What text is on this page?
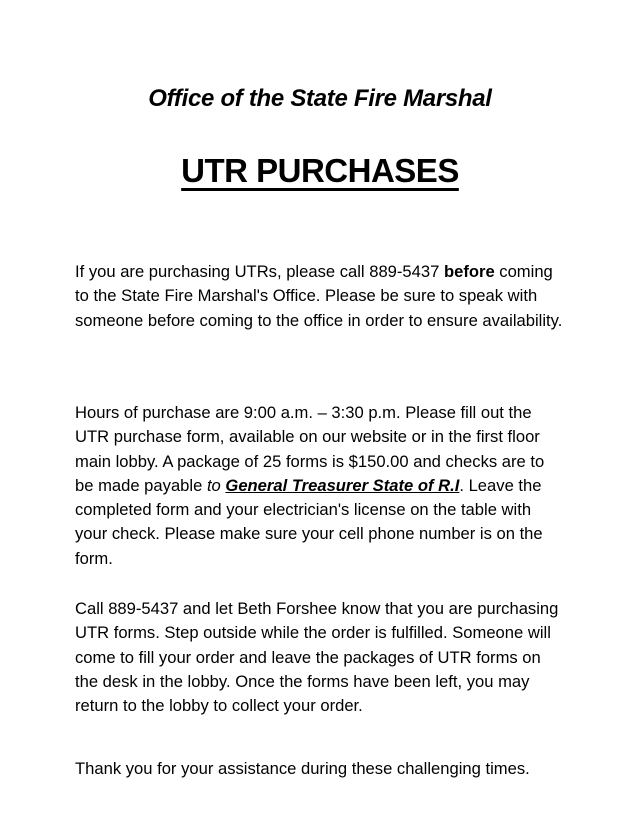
Office of the State Fire Marshal
UTR PURCHASES
If you are purchasing UTRs, please call 889-5437 before coming to the State Fire Marshal's Office. Please be sure to speak with someone before coming to the office in order to ensure availability.
Hours of purchase are 9:00 a.m. – 3:30 p.m. Please fill out the UTR purchase form, available on our website or in the first floor main lobby. A package of 25 forms is $150.00 and checks are to be made payable to General Treasurer State of R.I. Leave the completed form and your electrician's license on the table with your check. Please make sure your cell phone number is on the form.
Call 889-5437 and let Beth Forshee know that you are purchasing UTR forms. Step outside while the order is fulfilled. Someone will come to fill your order and leave the packages of UTR forms on the desk in the lobby. Once the forms have been left, you may return to the lobby to collect your order.
Thank you for your assistance during these challenging times.
